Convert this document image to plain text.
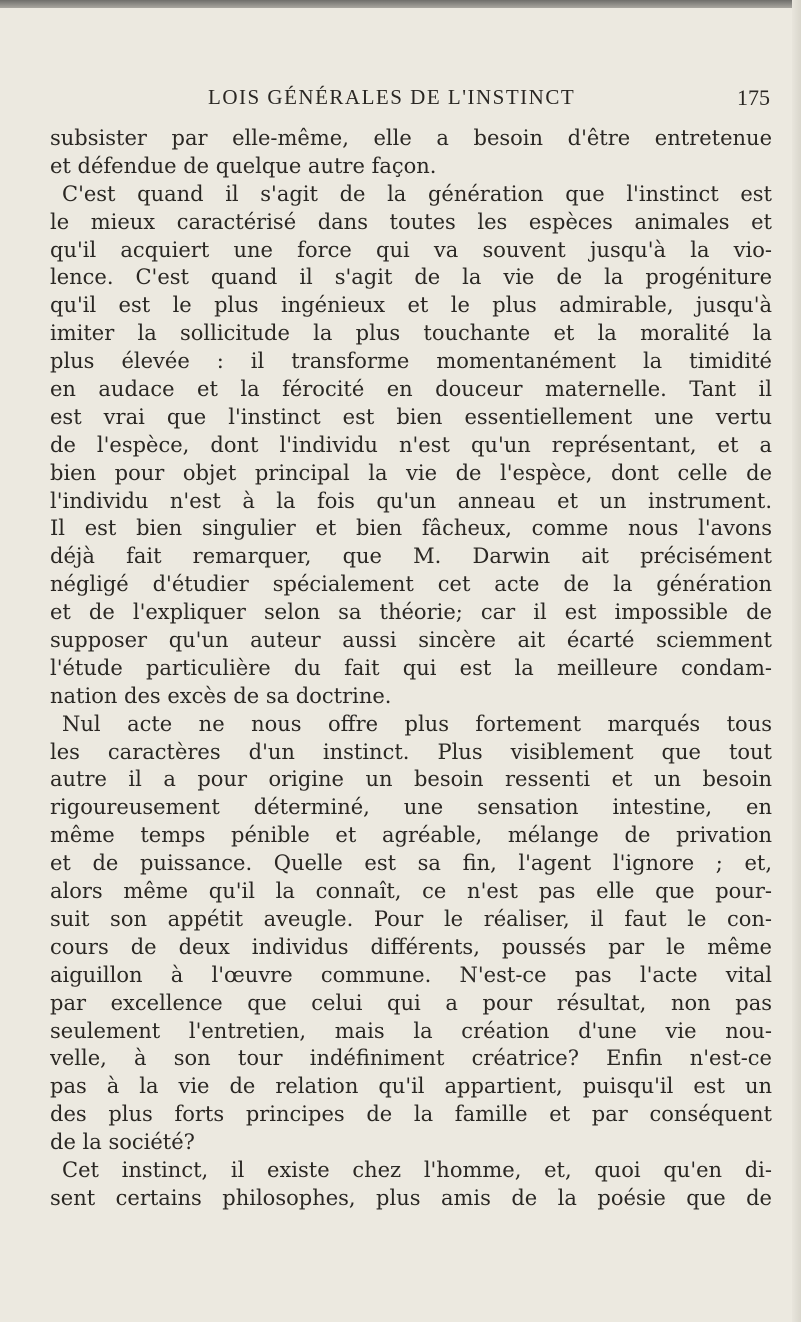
LOIS GÉNÉRALES DE L'INSTINCT	175
subsister par elle-même, elle a besoin d'être entretenue
et défendue de quelque autre façon.
C'est quand il s'agit de la génération que l'instinct est
le mieux caractérisé dans toutes les espèces animales et
qu'il acquiert une force qui va souvent jusqu'à la vio-
lence. C'est quand il s'agit de la vie de la progéniture
qu'il est le plus ingénieux et le plus admirable, jusqu'à
imiter la sollicitude la plus touchante et la moralité la
plus élevée : il transforme momentanément la timidité
en audace et la férocité en douceur maternelle. Tant il
est vrai que l'instinct est bien essentiellement une vertu
de l'espèce, dont l'individu n'est qu'un représentant, et a
bien pour objet principal la vie de l'espèce, dont celle de
l'individu n'est à la fois qu'un anneau et un instrument.
Il est bien singulier et bien fâcheux, comme nous l'avons
déjà fait remarquer, que M. Darwin ait précisément
négligé d'étudier spécialement cet acte de la génération
et de l'expliquer selon sa théorie; car il est impossible de
supposer qu'un auteur aussi sincère ait écarté sciemment
l'étude particulière du fait qui est la meilleure condam-
nation des excès de sa doctrine.
Nul acte ne nous offre plus fortement marqués tous
les caractères d'un instinct. Plus visiblement que tout
autre il a pour origine un besoin ressenti et un besoin
rigoureusement déterminé, une sensation intestine, en
même temps pénible et agréable, mélange de privation
et de puissance. Quelle est sa fin, l'agent l'ignore ; et,
alors même qu'il la connaît, ce n'est pas elle que pour-
suit son appétit aveugle. Pour le réaliser, il faut le con-
cours de deux individus différents, poussés par le même
aiguillon à l'œuvre commune. N'est-ce pas l'acte vital
par excellence que celui qui a pour résultat, non pas
seulement l'entretien, mais la création d'une vie nou-
velle, à son tour indéfiniment créatrice? Enfin n'est-ce
pas à la vie de relation qu'il appartient, puisqu'il est un
des plus forts principes de la famille et par conséquent
de la société?
Cet instinct, il existe chez l'homme, et, quoi qu'en di-
sent certains philosophes, plus amis de la poésie que de
